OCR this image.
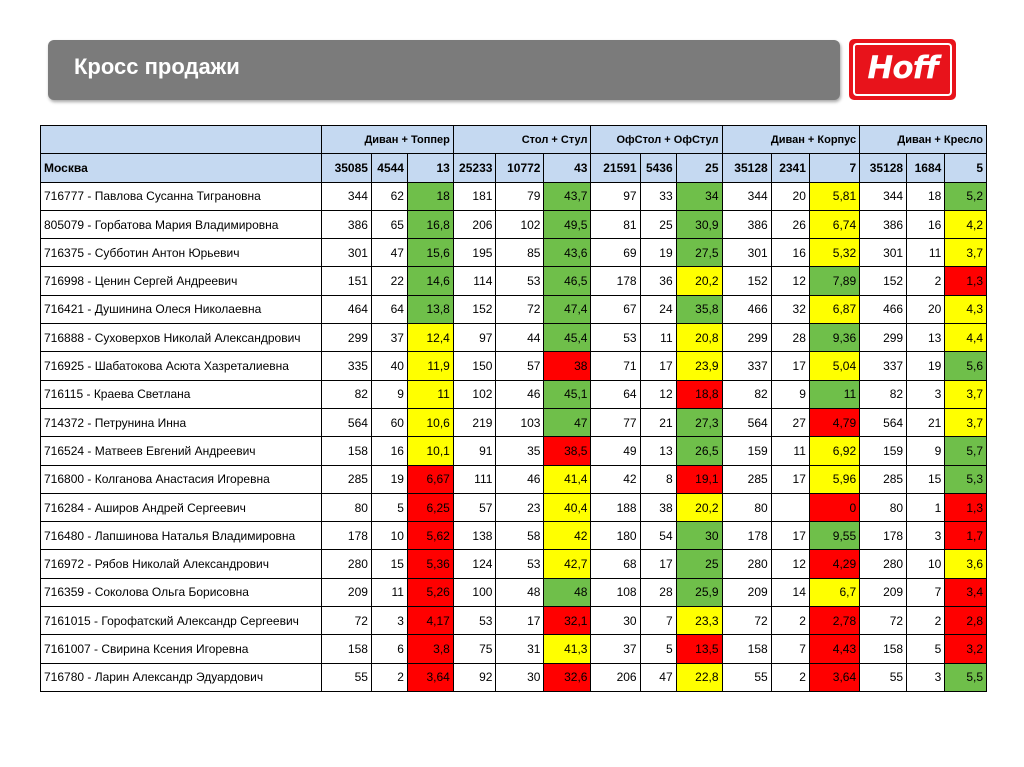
Кросс продажи	Hoff
	Диван + Топпер			Стол + Стул			ОфСтол + ОфСтул			Диван + Корпус			Диван + Кресло		
Москва	35085	4544	13	25233	10772	43	21591	5436	25	35128	2341	7	35128	1684	5
716777 - Павлова Сусанна Тиграновна	344	62	18	181	79	43,7	97	33	34	344	20	5,81	344	18	5,2
805079 - Горбатова Мария Владимировна	386	65	16,8	206	102	49,5	81	25	30,9	386	26	6,74	386	16	4,2
716375 - Субботин Антон Юрьевич	301	47	15,6	195	85	43,6	69	19	27,5	301	16	5,32	301	11	3,7
716998 - Ценин Сергей Андреевич	151	22	14,6	114	53	46,5	178	36	20,2	152	12	7,89	152	2	1,3
716421 - Душинина Олеся Николаевна	464	64	13,8	152	72	47,4	67	24	35,8	466	32	6,87	466	20	4,3
716888 - Суховерхов Николай Александрович	299	37	12,4	97	44	45,4	53	11	20,8	299	28	9,36	299	13	4,4
716925 - Шабатокова Асюта Хазреталиевна	335	40	11,9	150	57	38	71	17	23,9	337	17	5,04	337	19	5,6
716115 - Краева Светлана	82	9	11	102	46	45,1	64	12	18,8	82	9	11	82	3	3,7
714372 - Петрунина Инна	564	60	10,6	219	103	47	77	21	27,3	564	27	4,79	564	21	3,7
716524 - Матвеев Евгений Андреевич	158	16	10,1	91	35	38,5	49	13	26,5	159	11	6,92	159	9	5,7
716800 - Колганова Анастасия Игоревна	285	19	6,67	111	46	41,4	42	8	19,1	285	17	5,96	285	15	5,3
716284 - Аширов Андрей Сергеевич	80	5	6,25	57	23	40,4	188	38	20,2	80		0	80	1	1,3
716480 - Лапшинова Наталья Владимировна	178	10	5,62	138	58	42	180	54	30	178	17	9,55	178	3	1,7
716972 - Рябов Николай Александрович	280	15	5,36	124	53	42,7	68	17	25	280	12	4,29	280	10	3,6
716359 - Соколова Ольга Борисовна	209	11	5,26	100	48	48	108	28	25,9	209	14	6,7	209	7	3,4
7161015 - Горофатский Александр Сергеевич	72	3	4,17	53	17	32,1	30	7	23,3	72	2	2,78	72	2	2,8
7161007 - Свирина Ксения Игоревна	158	6	3,8	75	31	41,3	37	5	13,5	158	7	4,43	158	5	3,2
716780 - Ларин Александр Эдуардович	55	2	3,64	92	30	32,6	206	47	22,8	55	2	3,64	55	3	5,5
